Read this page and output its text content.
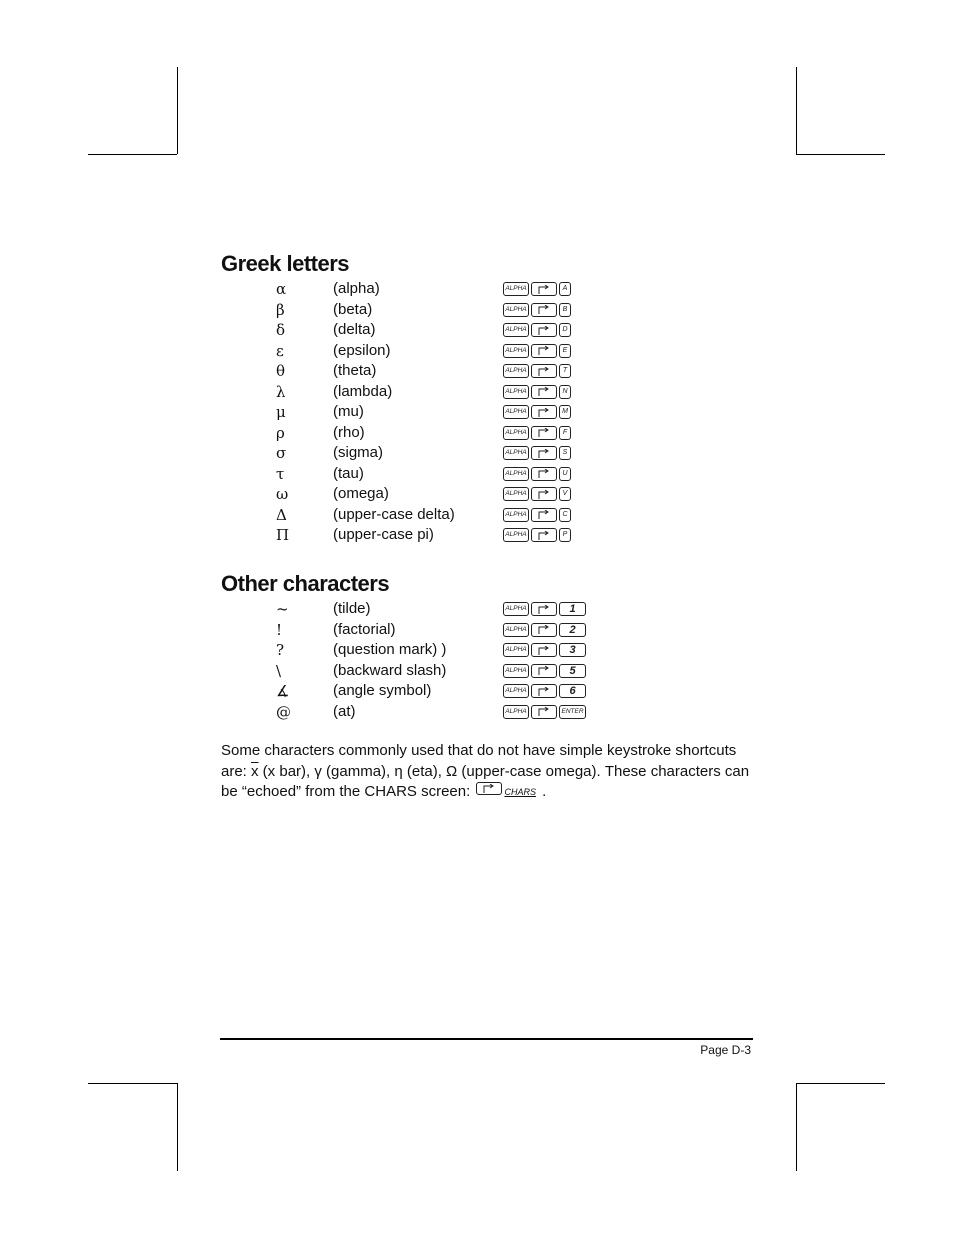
Greek letters
α	(alpha)	ALPHA	A
β	(beta)	ALPHA	B
δ	(delta)	ALPHA	D
ε	(epsilon)	ALPHA	E
θ	(theta)	ALPHA	T
λ	(lambda)	ALPHA	N
μ	(mu)	ALPHA	M
ρ	(rho)	ALPHA	F
σ	(sigma)	ALPHA	S
τ	(tau)	ALPHA	U
ω	(omega)	ALPHA	V
Δ	(upper-case delta)	ALPHA	C
Π	(upper-case pi)	ALPHA	P
Other characters
~	(tilde)	ALPHA	1
!	(factorial)	ALPHA	2
?	(question mark) )	ALPHA	3
\	(backward slash)	ALPHA	5
∡	(angle symbol)	ALPHA	6
@	(at)	ALPHA	ENTER
Some characters commonly used that do not have simple keystroke shortcuts are: $\overline{x}$ (x bar), γ (gamma), η (eta), Ω (upper-case omega). These characters can be “echoed” from the CHARS screen:	CHARS .
Page D-3
